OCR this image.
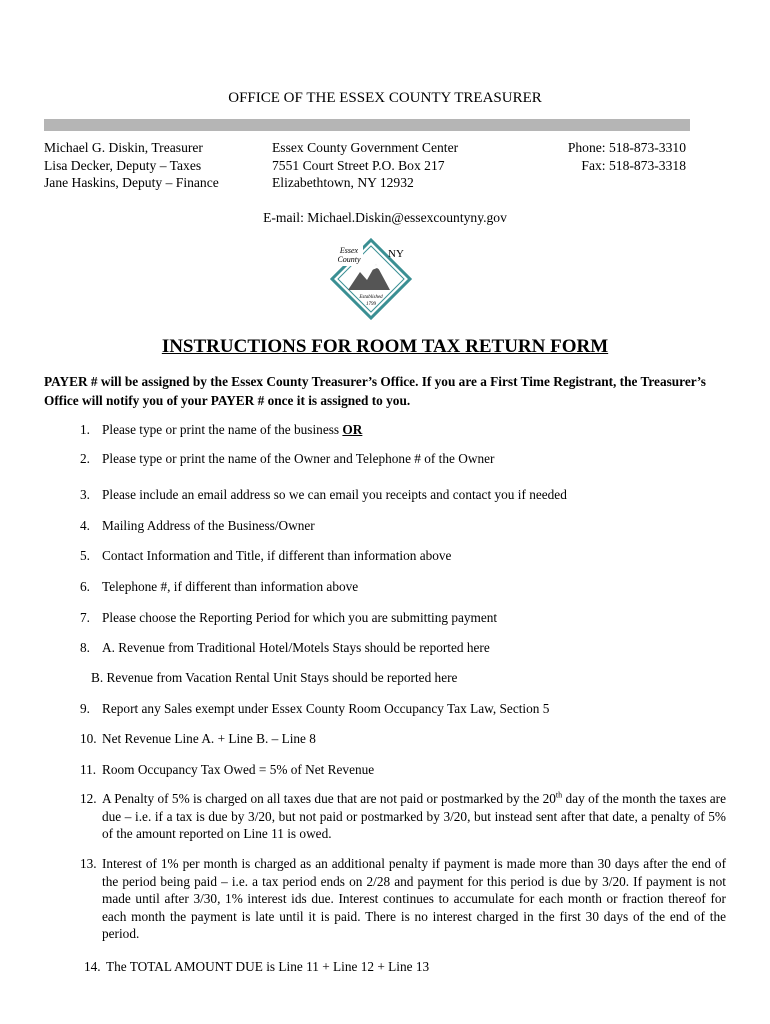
OFFICE OF THE ESSEX COUNTY TREASURER
Michael G. Diskin, Treasurer
Lisa Decker, Deputy – Taxes
Jane Haskins, Deputy – Finance
Essex County Government Center
7551 Court Street P.O. Box 217
Elizabethtown, NY 12932
Phone: 518-873-3310
Fax: 518-873-3318
E-mail: Michael.Diskin@essexcountyny.gov
Essex
County	NY
Established
1799
INSTRUCTIONS FOR ROOM TAX RETURN FORM
PAYER # will be assigned by the Essex County Treasurer’s Office. If you are a First Time Registrant, the Treasurer’s Office will notify you of your PAYER # once it is assigned to you.
1. Please type or print the name of the business OR
2. Please type or print the name of the Owner and Telephone # of the Owner
3. Please include an email address so we can email you receipts and contact you if needed
4. Mailing Address of the Business/Owner
5. Contact Information and Title, if different than information above
6. Telephone #, if different than information above
7. Please choose the Reporting Period for which you are submitting payment
8. A. Revenue from Traditional Hotel/Motels Stays should be reported here
B. Revenue from Vacation Rental Unit Stays should be reported here
9. Report any Sales exempt under Essex County Room Occupancy Tax Law, Section 5
10. Net Revenue Line A. + Line B. – Line 8
11. Room Occupancy Tax Owed = 5% of Net Revenue
12. A Penalty of 5% is charged on all taxes due that are not paid or postmarked by the 20th day of the month the taxes are due – i.e. if a tax is due by 3/20, but not paid or postmarked by 3/20, but instead sent after that date, a penalty of 5% of the amount reported on Line 11 is owed.
13. Interest of 1% per month is charged as an additional penalty if payment is made more than 30 days after the end of the period being paid – i.e. a tax period ends on 2/28 and payment for this period is due by 3/20. If payment is not made until after 3/30, 1% interest ids due. Interest continues to accumulate for each month or fraction thereof for each month the payment is late until it is paid. There is no interest charged in the first 30 days of the end of the period.
14. The TOTAL AMOUNT DUE is Line 11 + Line 12 + Line 13
